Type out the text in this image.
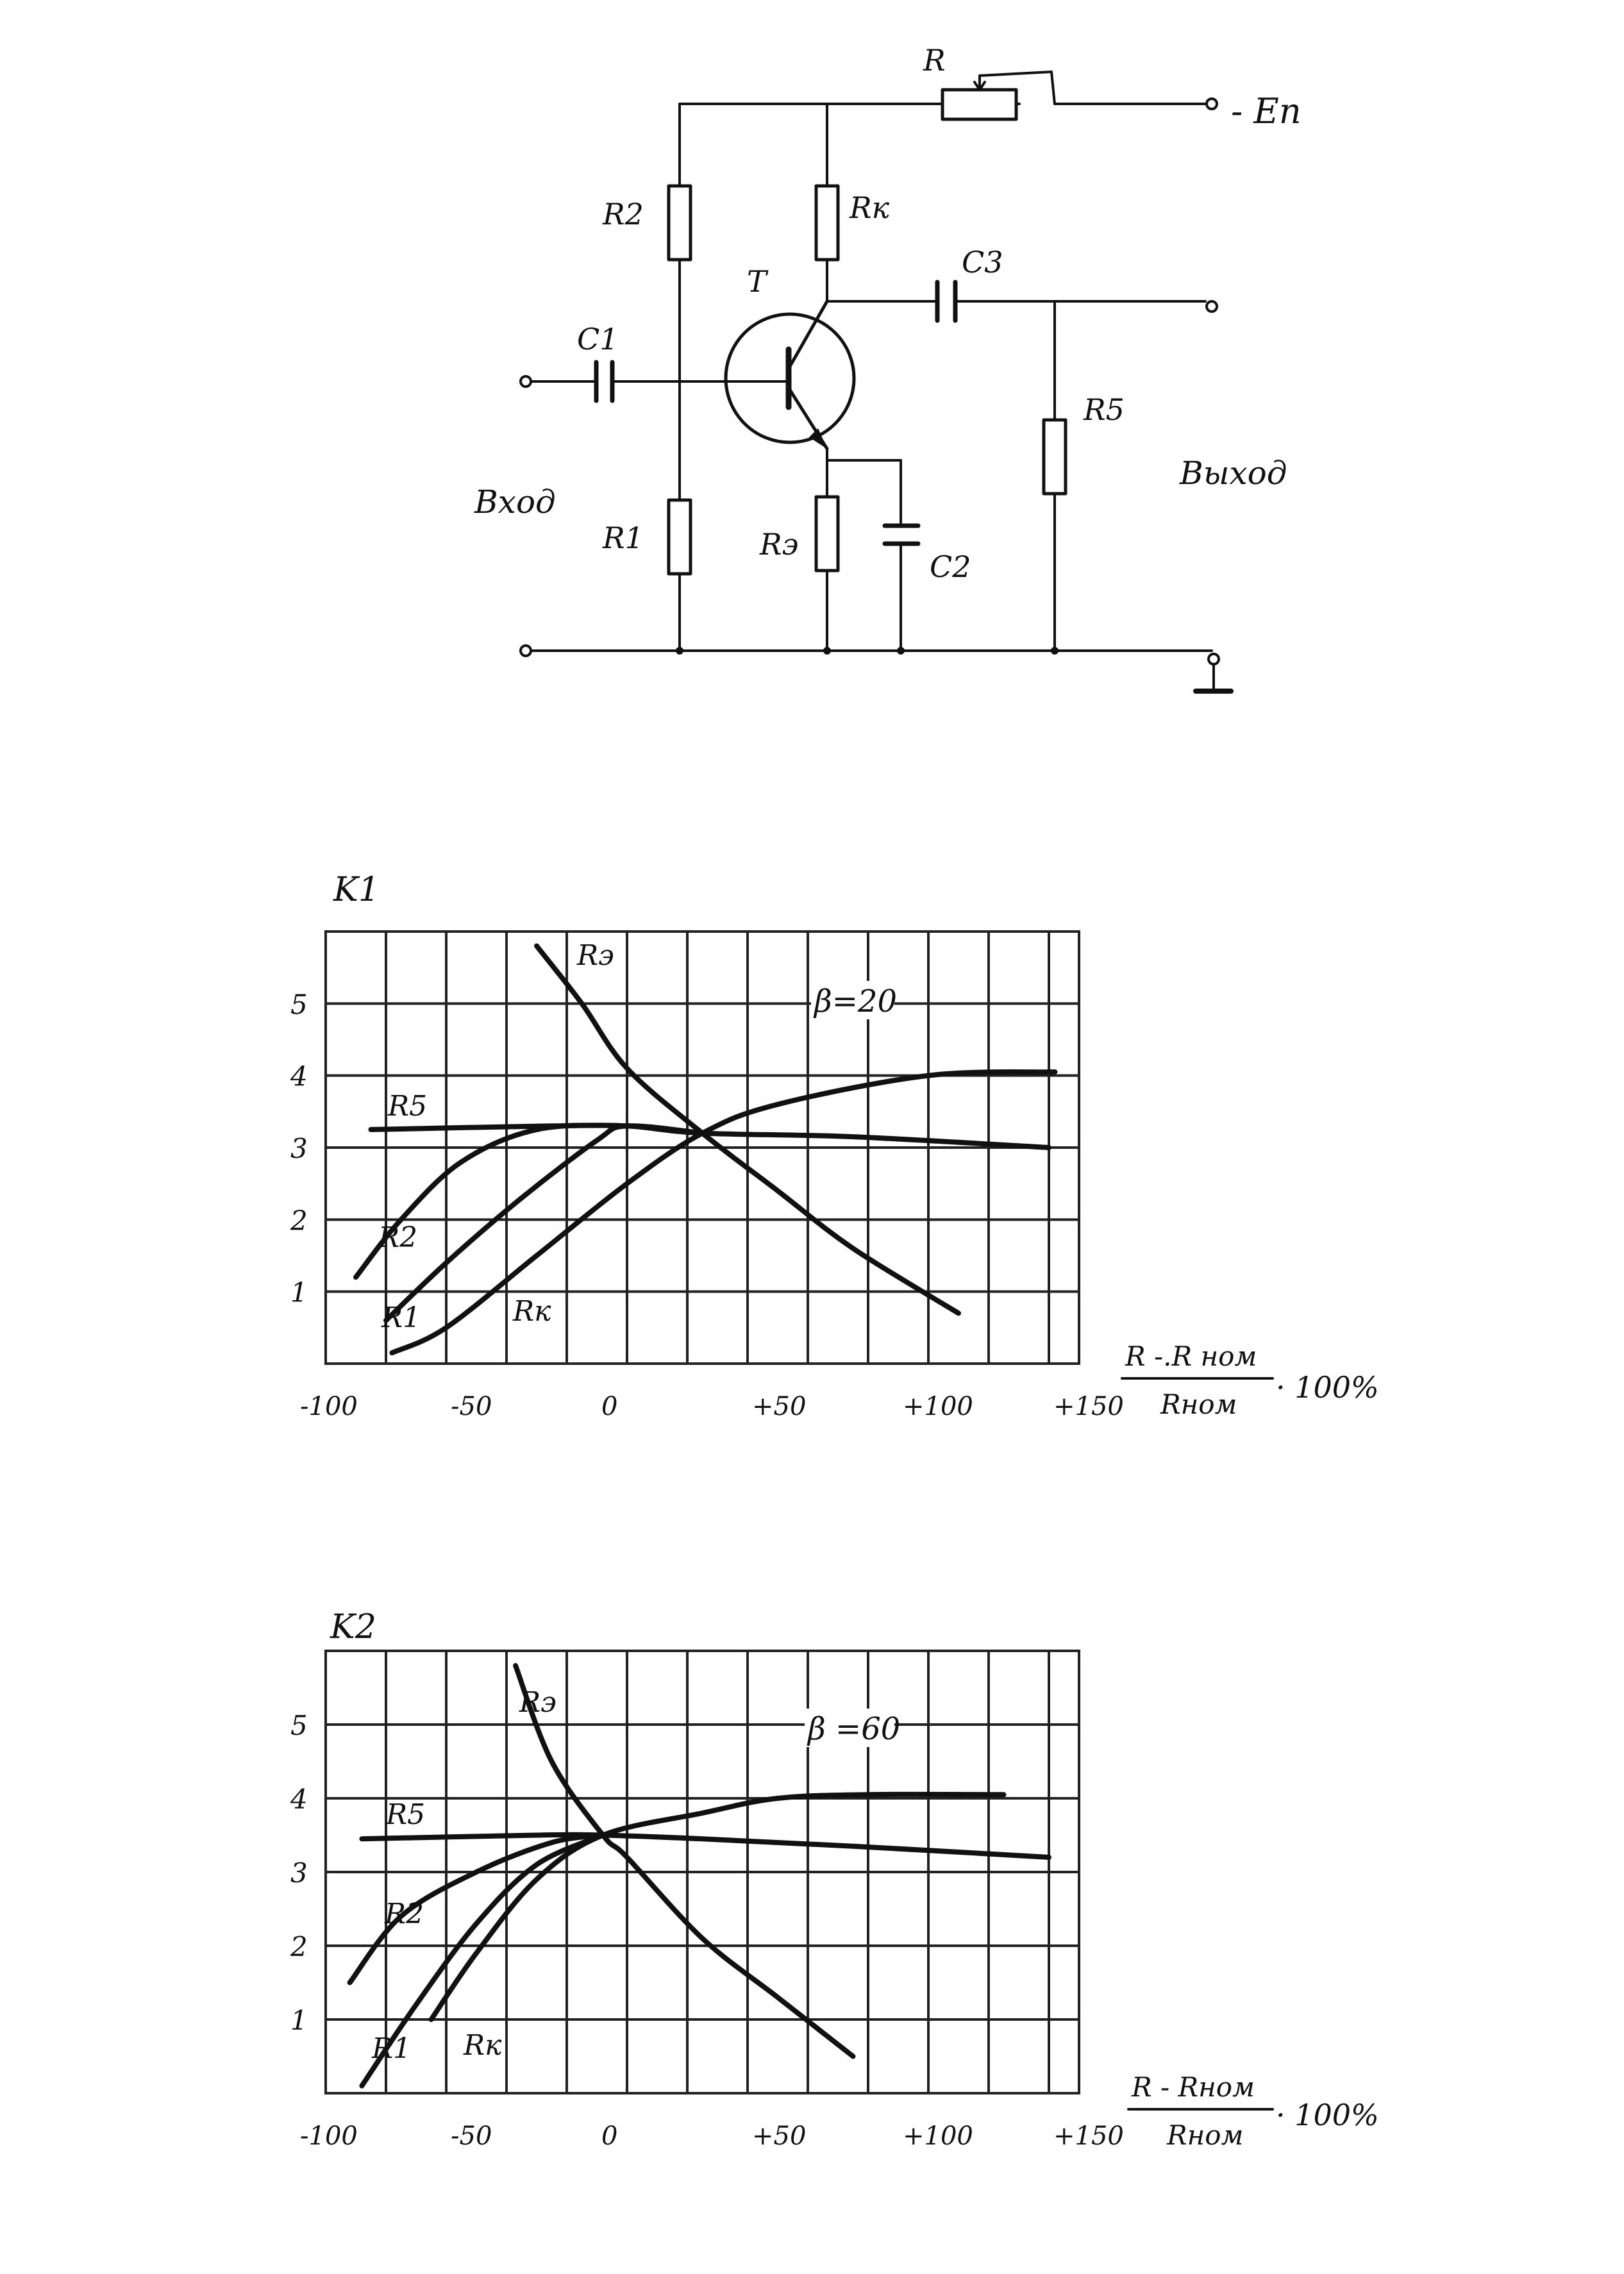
R
- Eп
R2
R1
Rк
T
C1
Вход
C3
R5
Выход
Rэ
C2
Rэ
R5
R2
R1	Rк
-100	-50	0	+50	+100	+150
1
2
3
4
5
K1
β=20
R -.R ном
Rном · 100%
Rэ
R5
R2
R1 Rк
-100	-50	0	+50	+100	+150
1
2
3
4
5
K2
β =60
R - Rном
Rном
· 100%
